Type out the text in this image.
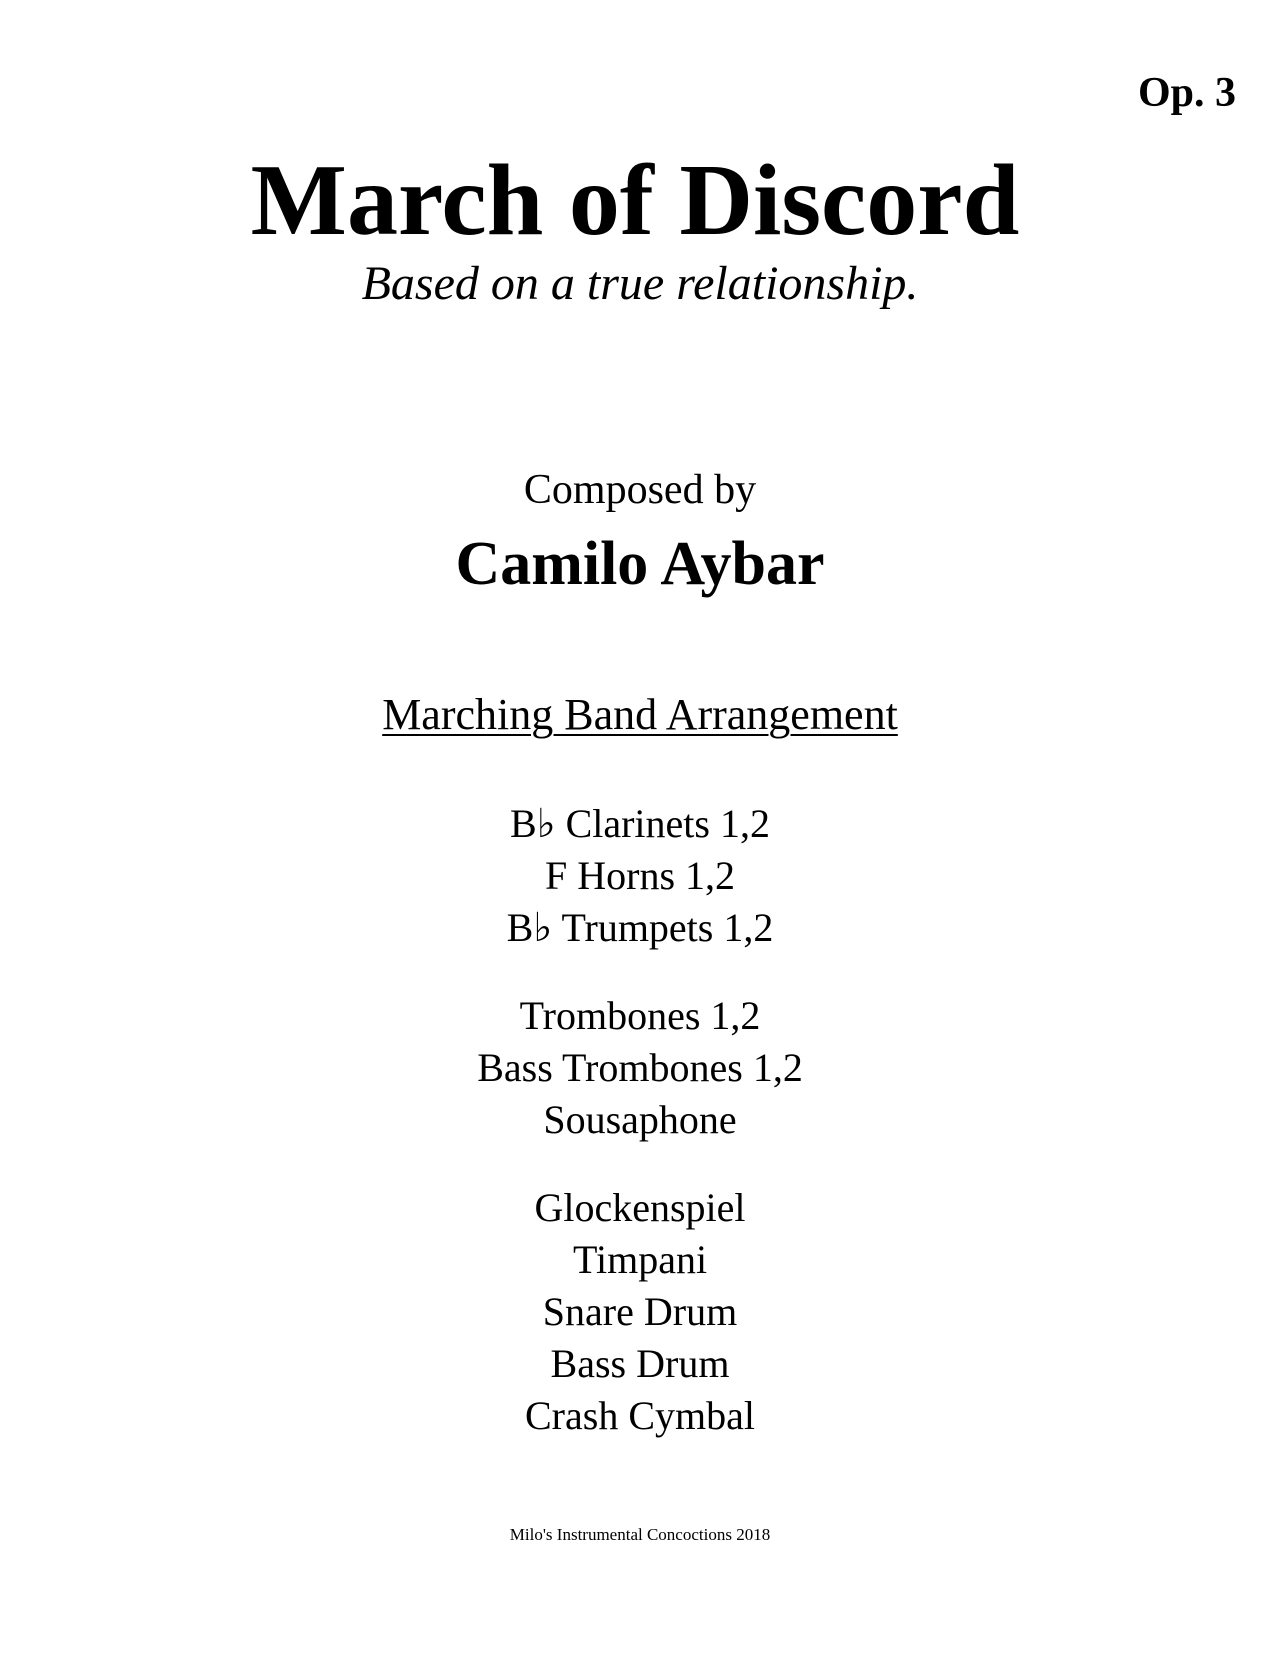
Op. 3
March of Discord
Based on a true relationship.
Composed by
Camilo Aybar
Marching Band Arrangement
B♭ Clarinets 1,2
F Horns 1,2
B♭ Trumpets 1,2
Trombones 1,2
Bass Trombones 1,2
Sousaphone
Glockenspiel
Timpani
Snare Drum
Bass Drum
Crash Cymbal
Milo's Instrumental Concoctions 2018
